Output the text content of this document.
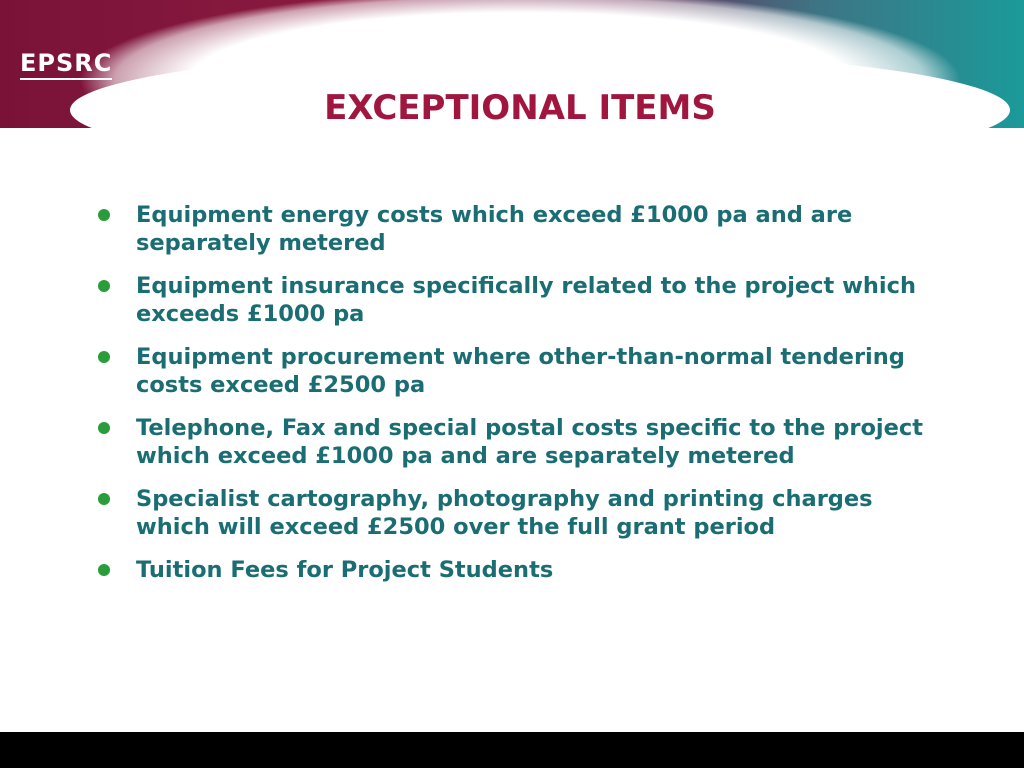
EPSRC
EXCEPTIONAL ITEMS
Equipment energy costs which exceed £1000 pa and are separately metered
Equipment insurance specifically related to the project which exceeds £1000 pa
Equipment procurement where other-than-normal tendering costs exceed £2500 pa
Telephone, Fax and special postal costs specific to the project which exceed £1000 pa and are separately metered
Specialist cartography, photography and printing charges which will exceed £2500 over the full grant period
Tuition Fees for Project Students
